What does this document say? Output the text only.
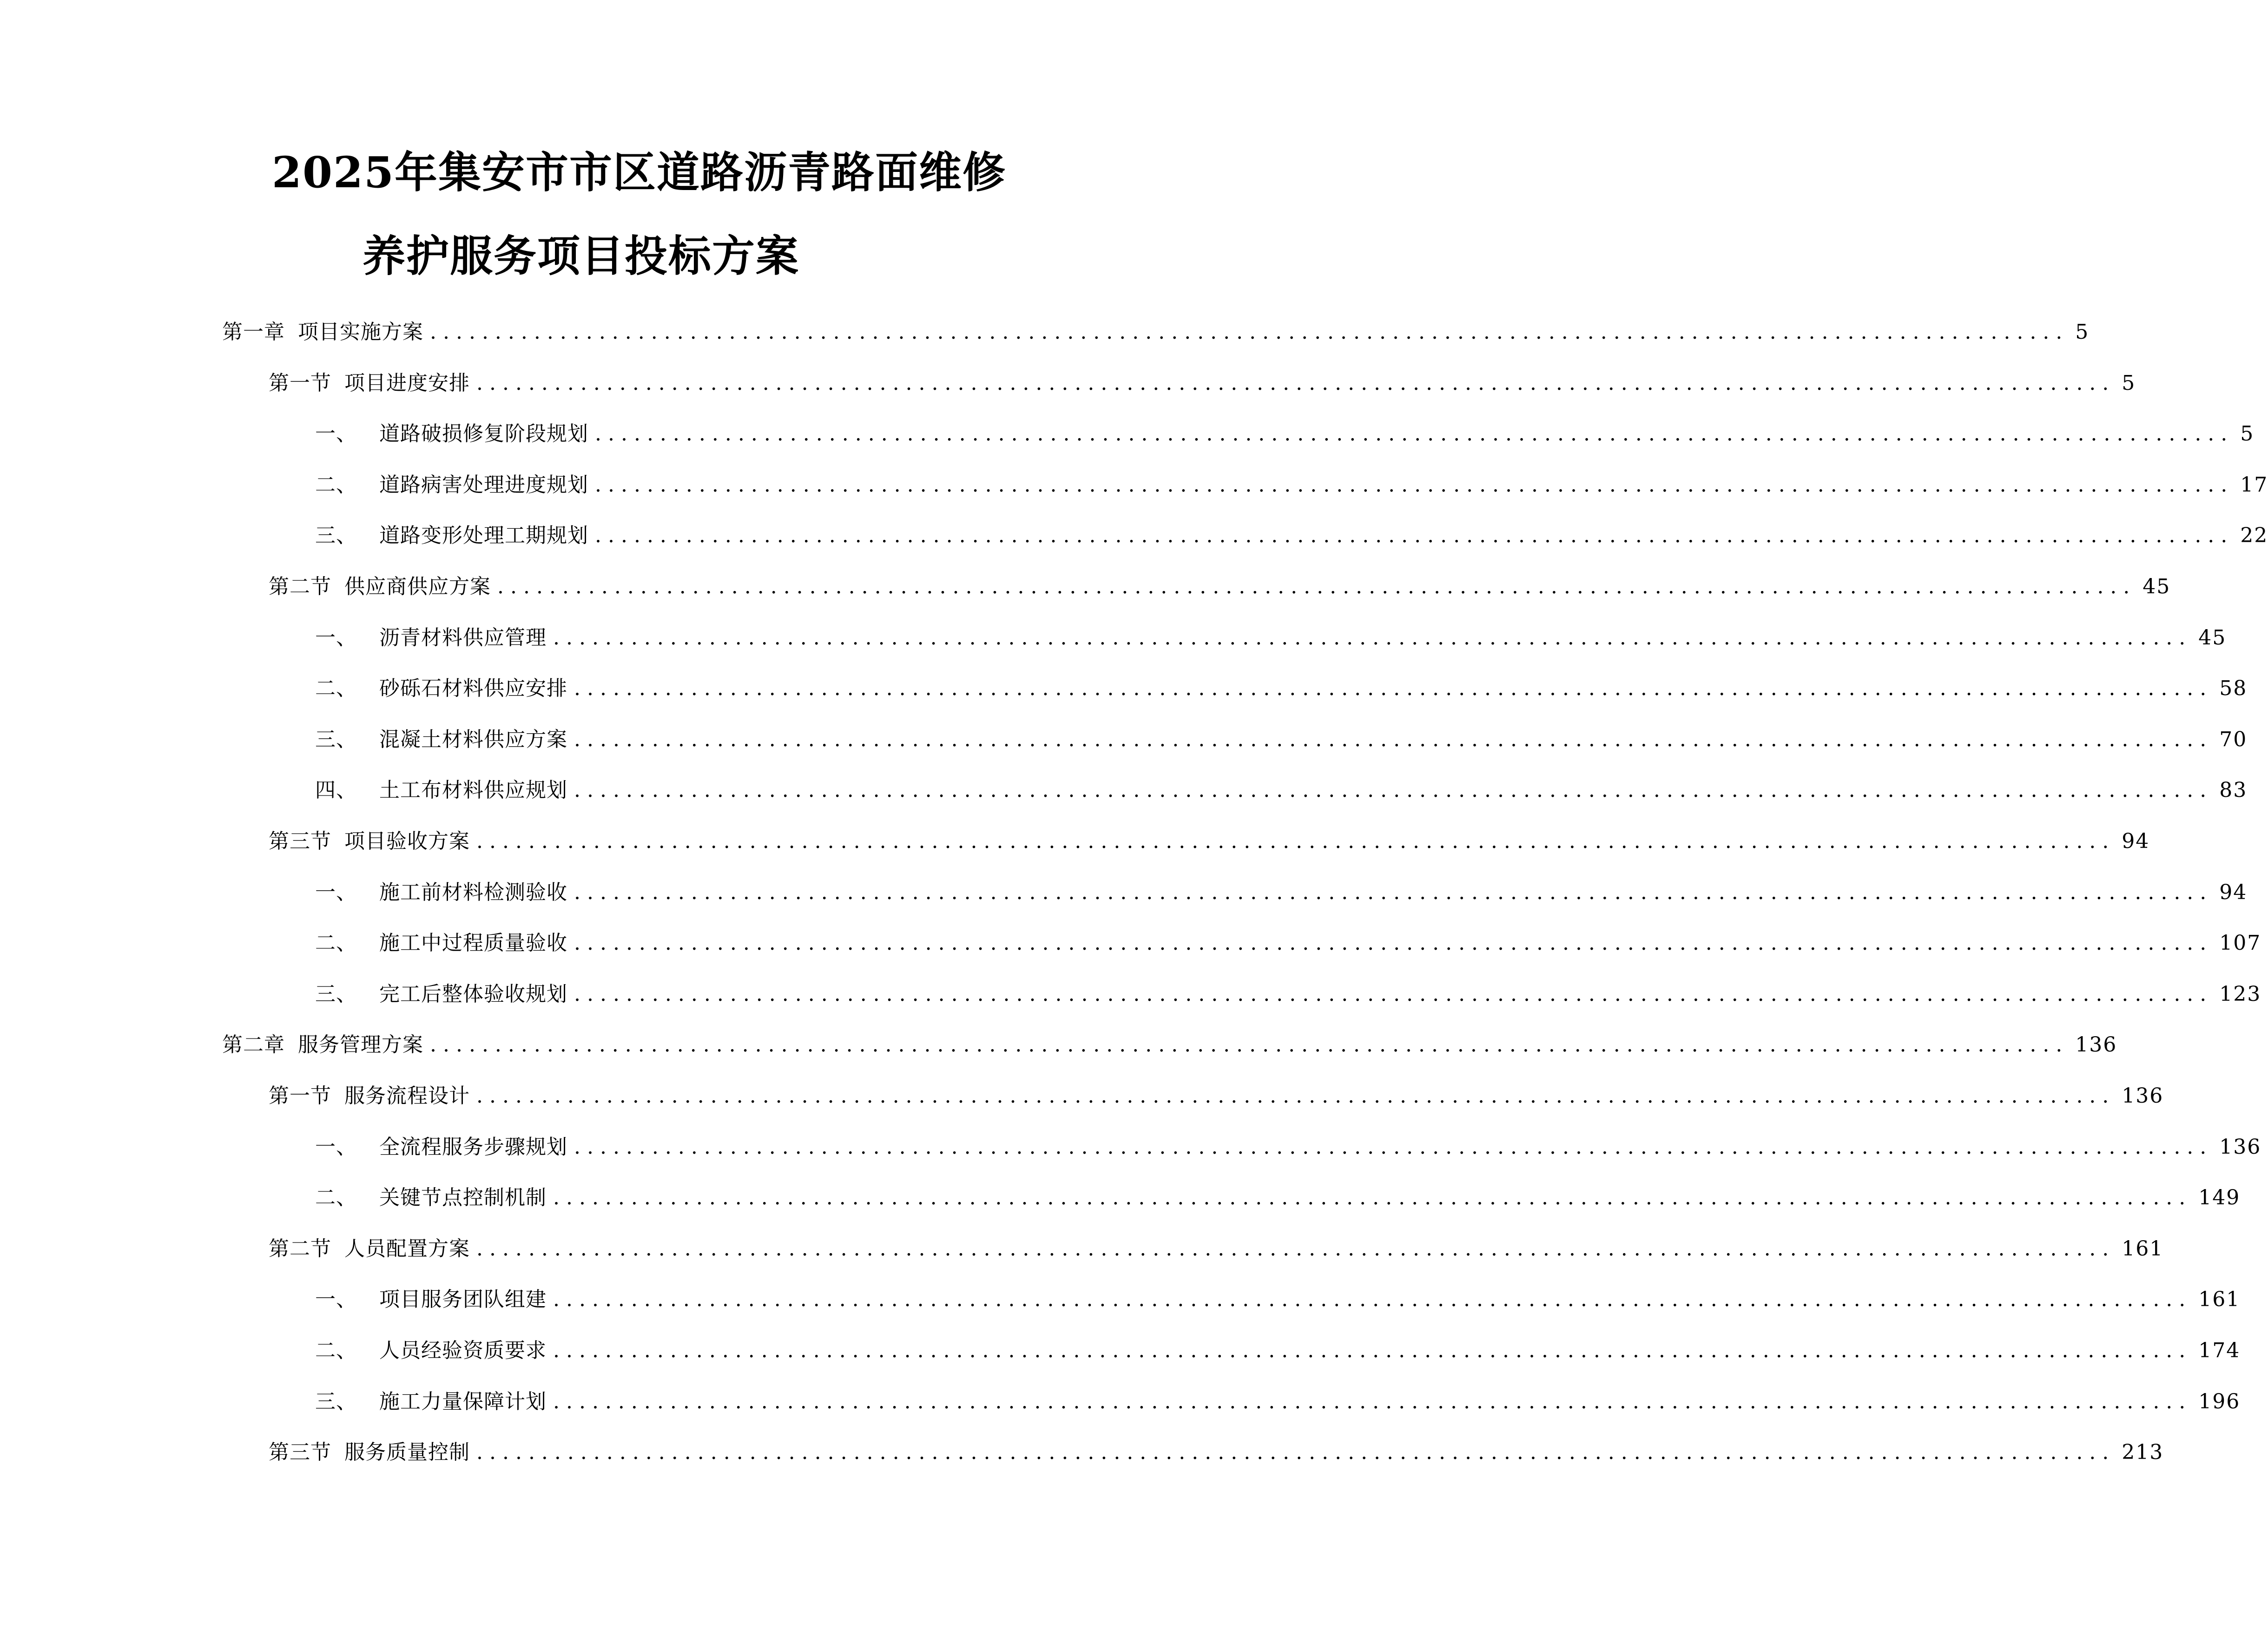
2025年集安市市区道路沥青路面维修
养护服务项目投标方案
第一章 项目实施方案 .............................................................................................................................. 5
第一节 项目进度安排 .............................................................................................................................. 5
一、 道路破损修复阶段规划 .............................................................................................................................. 5
二、 道路病害处理进度规划 .............................................................................................................................. 17
三、 道路变形处理工期规划 .............................................................................................................................. 22
第二节 供应商供应方案 .............................................................................................................................. 45
一、 沥青材料供应管理 .............................................................................................................................. 45
二、 砂砾石材料供应安排 .............................................................................................................................. 58
三、 混凝土材料供应方案 .............................................................................................................................. 70
四、 土工布材料供应规划 .............................................................................................................................. 83
第三节 项目验收方案 .............................................................................................................................. 94
一、 施工前材料检测验收 .............................................................................................................................. 94
二、 施工中过程质量验收 .............................................................................................................................. 107
三、 完工后整体验收规划 .............................................................................................................................. 123
第二章 服务管理方案 .............................................................................................................................. 136
第一节 服务流程设计 .............................................................................................................................. 136
一、 全流程服务步骤规划 .............................................................................................................................. 136
二、 关键节点控制机制 .............................................................................................................................. 149
第二节 人员配置方案 .............................................................................................................................. 161
一、 项目服务团队组建 .............................................................................................................................. 161
二、 人员经验资质要求 .............................................................................................................................. 174
三、 施工力量保障计划 .............................................................................................................................. 196
第三节 服务质量控制 .............................................................................................................................. 213
